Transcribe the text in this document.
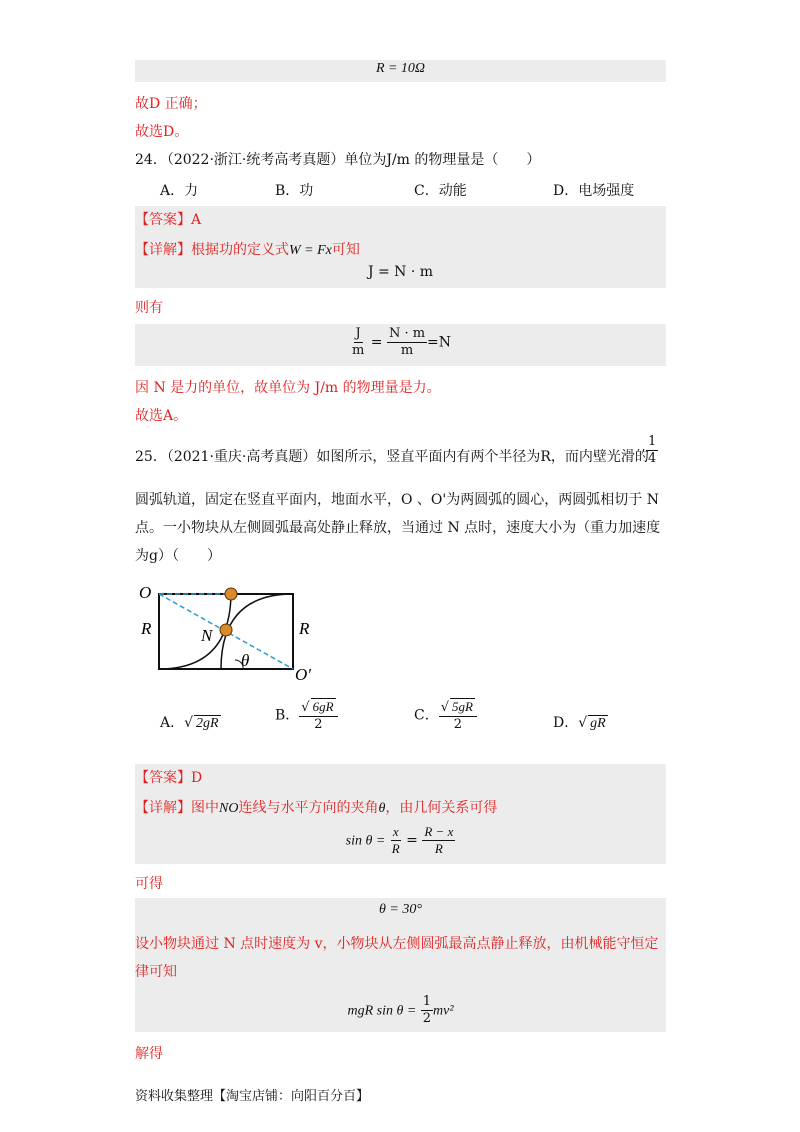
R = 10Ω
故D 正确；
故选D。
24．（2022·浙江·统考高考真题）单位为J/m 的物理量是（　　）
A．力	B．功	C．动能	D．电场强度
【答案】A
【详解】根据功的定义式W = Fx可知
J = N · m
则有
$\frac{J}{m} = \frac{N \cdot m}{m} =N$
因 N 是力的单位，故单位为 J/m 的物理量是力。
故选A。
25．（2021·重庆·高考真题）如图所示，竖直平面内有两个半径为R，而内壁光滑的
$\frac{1}{4}$
圆弧轨道，固定在竖直平面内，地面水平，O 、O'为两圆弧的圆心，两圆弧相切于 N
点。一小物块从左侧圆弧最高处静止释放，当通过 N 点时，速度大小为（重力加速度
为g）（　　）
O
R	N	R
θ
O′
A．√ 2gR	B． $\frac{√ 6gR}{2}$	C． $\frac{√ 5gR}{2}$	D．√ gR
【答案】D
【详解】图中NO连线与水平方向的夹角θ，由几何关系可得
$\sin \theta = \frac{x}{R} = \frac{R - x}{R}$
可得
θ = 30°
设小物块通过 N 点时速度为 v，小物块从左侧圆弧最高点静止释放，由机械能守恒定
律可知
mgR $\sin \theta = \frac{1}{2} mv^2$
解得
资料收集整理【淘宝店铺：向阳百分百】
